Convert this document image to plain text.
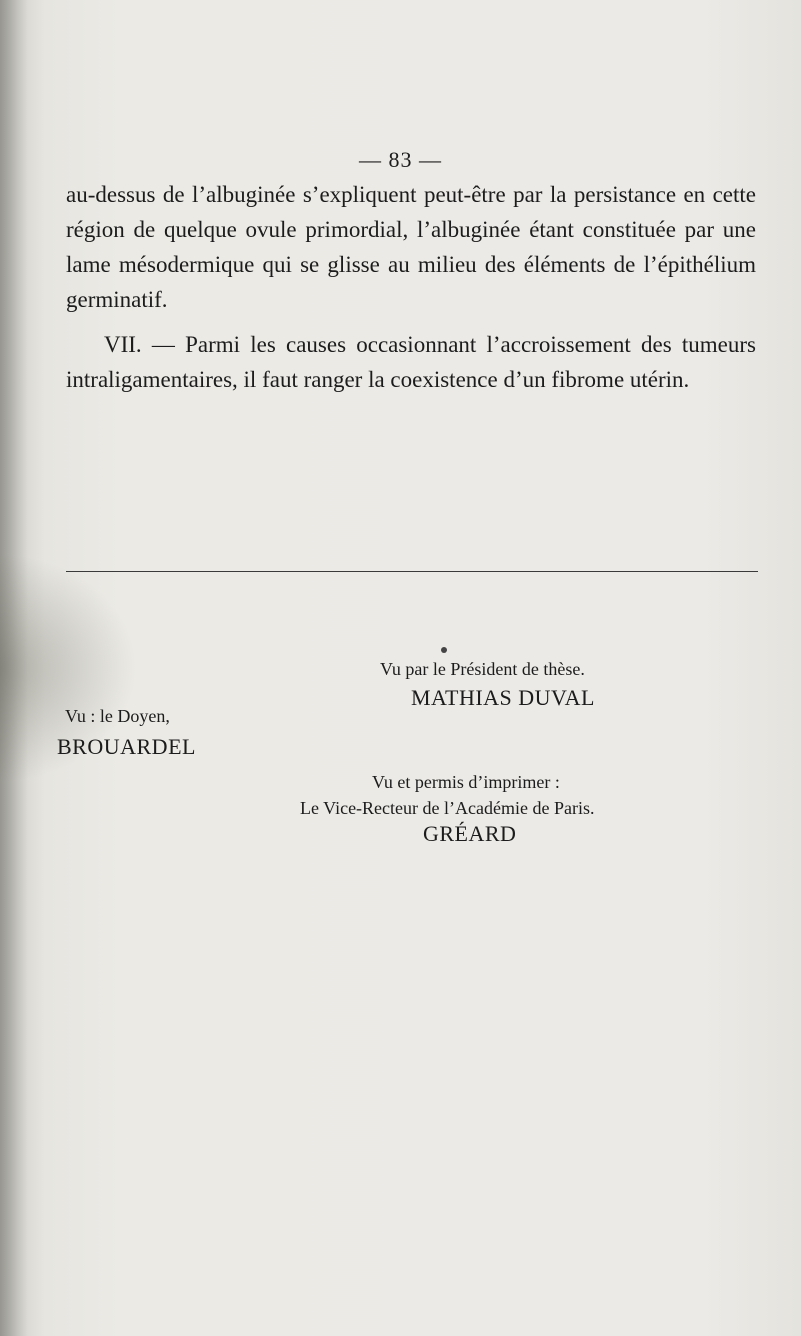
— 83 —

au-dessus de l’albuginée s’expliquent peut-être par la persistance en cette région de quelque ovule primordial, l’albuginée étant constituée par une lame mésodermique qui se glisse au milieu des éléments de l’épithélium germinatif.

VII. — Parmi les causes occasionnant l’accroissement des tumeurs intraligamentaires, il faut ranger la coexistence d’un fibrome utérin.

Vu par le Président de thèse.
MATHIAS DUVAL
Vu : le Doyen,
BROUARDEL
Vu et permis d’imprimer :
Le Vice-Recteur de l’Académie de Paris.
GRÉARD
